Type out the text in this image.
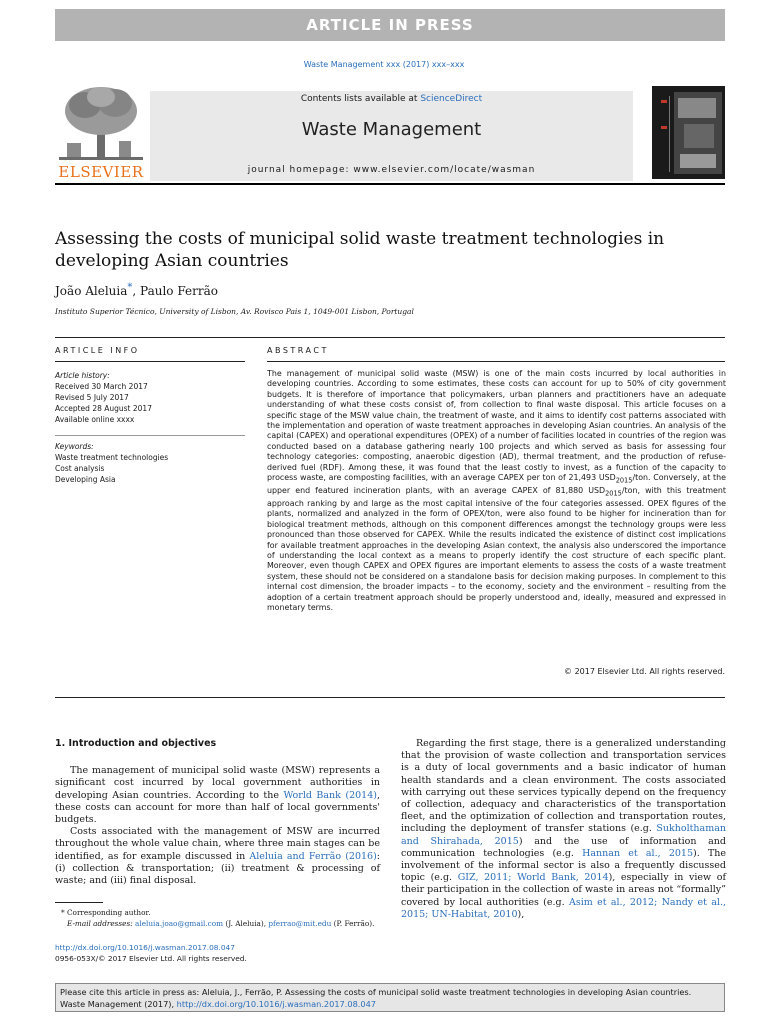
ARTICLE IN PRESS
Waste Management xxx (2017) xxx–xxx
ELSEVIER
Contents lists available at ScienceDirect
Waste Management
journal homepage: www.elsevier.com/locate/wasman
Assessing the costs of municipal solid waste treatment technologies in developing Asian countries
João Aleluia*, Paulo Ferrão
Instituto Superior Técnico, University of Lisbon, Av. Rovisco Pais 1, 1049-001 Lisbon, Portugal
ARTICLE INFO	ABSTRACT
Article history:
Received 30 March 2017
Revised 5 July 2017
Accepted 28 August 2017
Available online xxxx
Keywords:
Waste treatment technologies
Cost analysis
Developing Asia
The management of municipal solid waste (MSW) is one of the main costs incurred by local authorities in developing countries. According to some estimates, these costs can account for up to 50% of city government budgets. It is therefore of importance that policymakers, urban planners and practitioners have an adequate understanding of what these costs consist of, from collection to final waste disposal. This article focuses on a specific stage of the MSW value chain, the treatment of waste, and it aims to identify cost patterns associated with the implementation and operation of waste treatment approaches in developing Asian countries. An analysis of the capital (CAPEX) and operational expenditures (OPEX) of a number of facilities located in countries of the region was conducted based on a database gathering nearly 100 projects and which served as basis for assessing four technology categories: composting, anaerobic digestion (AD), thermal treatment, and the production of refuse-derived fuel (RDF). Among these, it was found that the least costly to invest, as a function of the capacity to process waste, are composting facilities, with an average CAPEX per ton of 21,493 $USD_{2015}$/ton. Conversely, at the upper end featured incineration plants, with an average CAPEX of 81,880 $USD_{2015}$/ton, with this treatment approach ranking by and large as the most capital intensive of the four categories assessed. OPEX figures of the plants, normalized and analyzed in the form of OPEX/ton, were also found to be higher for incineration than for biological treatment methods, although on this component differences amongst the technology groups were less pronounced than those observed for CAPEX. While the results indicated the existence of distinct cost implications for available treatment approaches in the developing Asian context, the analysis also underscored the importance of understanding the local context as a means to properly identify the cost structure of each specific plant. Moreover, even though CAPEX and OPEX figures are important elements to assess the costs of a waste treatment system, these should not be considered on a standalone basis for decision making purposes. In complement to this internal cost dimension, the broader impacts – to the economy, society and the environment – resulting from the adoption of a certain treatment approach should be properly understood and, ideally, measured and expressed in monetary terms.
© 2017 Elsevier Ltd. All rights reserved.
1. Introduction and objectives

The management of municipal solid waste (MSW) represents a significant cost incurred by local government authorities in developing Asian countries. According to the World Bank (2014), these costs can account for more than half of local governments' budgets.

Costs associated with the management of MSW are incurred throughout the whole value chain, where three main stages can be identified, as for example discussed in Aleluia and Ferrão (2016): (i) collection & transportation; (ii) treatment & processing of waste; and (iii) final disposal.

Regarding the first stage, there is a generalized understanding that the provision of waste collection and transportation services is a duty of local governments and a basic indicator of human health standards and a clean environment. The costs associated with carrying out these services typically depend on the frequency of collection, adequacy and characteristics of the transportation fleet, and the optimization of collection and transportation routes, including the deployment of transfer stations (e.g. Sukholthaman and Shirahada, 2015) and the use of information and communication technologies (e.g. Hannan et al., 2015). The involvement of the informal sector is also a frequently discussed topic (e.g. GIZ, 2011; World Bank, 2014), especially in view of their participation in the collection of waste in areas not “formally” covered by local authorities (e.g. Asim et al., 2012; Nandy et al., 2015; UN-Habitat, 2010),

* Corresponding author.
E-mail addresses: aleluia.joao@gmail.com (J. Aleluia), pferrao@mit.edu (P. Ferrão).
http://dx.doi.org/10.1016/j.wasman.2017.08.047
0956-053X/© 2017 Elsevier Ltd. All rights reserved.
Please cite this article in press as: Aleluia, J., Ferrão, P. Assessing the costs of municipal solid waste treatment technologies in developing Asian countries.
Waste Management (2017), http://dx.doi.org/10.1016/j.wasman.2017.08.047
